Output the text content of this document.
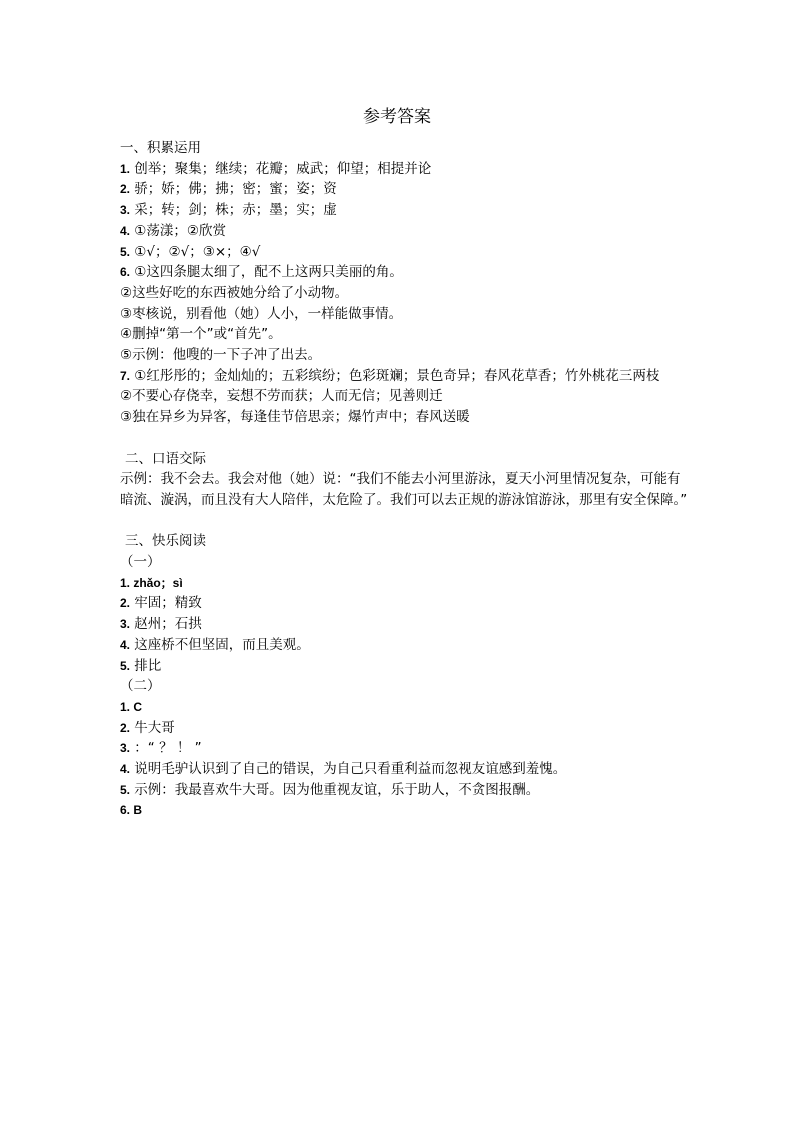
参考答案
一、积累运用
1. 创举；聚集；继续；花瓣；威武；仰望；相提并论
2. 骄；娇；佛；拂；密；蜜；姿；资
3. 采；转；剑；株；赤；墨；实；虚
4. ①荡漾；②欣赏
5. ①√；②√；③×；④√
6. ①这四条腿太细了，配不上这两只美丽的角。
②这些好吃的东西被她分给了小动物。
③枣核说，别看他（她）人小，一样能做事情。
④删掉“第一个”或“首先”。
⑤示例：他嗖的一下子冲了出去。
7. ①红彤彤的；金灿灿的；五彩缤纷；色彩斑斓；景色奇异；春风花草香；竹外桃花三两枝
②不要心存侥幸，妄想不劳而获；人而无信；见善则迁
③独在异乡为异客，每逢佳节倍思亲；爆竹声中；春风送暖
二、口语交际
示例：我不会去。我会对他（她）说：“我们不能去小河里游泳，夏天小河里情况复杂，可能有暗流、漩涡，而且没有大人陪伴，太危险了。我们可以去正规的游泳馆游泳，那里有安全保障。”
三、快乐阅读
（一）
1. zhǎo；sì
2. 牢固；精致
3. 赵州；石拱
4. 这座桥不但坚固，而且美观。
5. 排比
（二）
1. C
2. 牛大哥
3. ：“ ？ ！ ”
4. 说明毛驴认识到了自己的错误，为自己只看重利益而忽视友谊感到羞愧。
5. 示例：我最喜欢牛大哥。因为他重视友谊，乐于助人，不贪图报酬。
6. B
